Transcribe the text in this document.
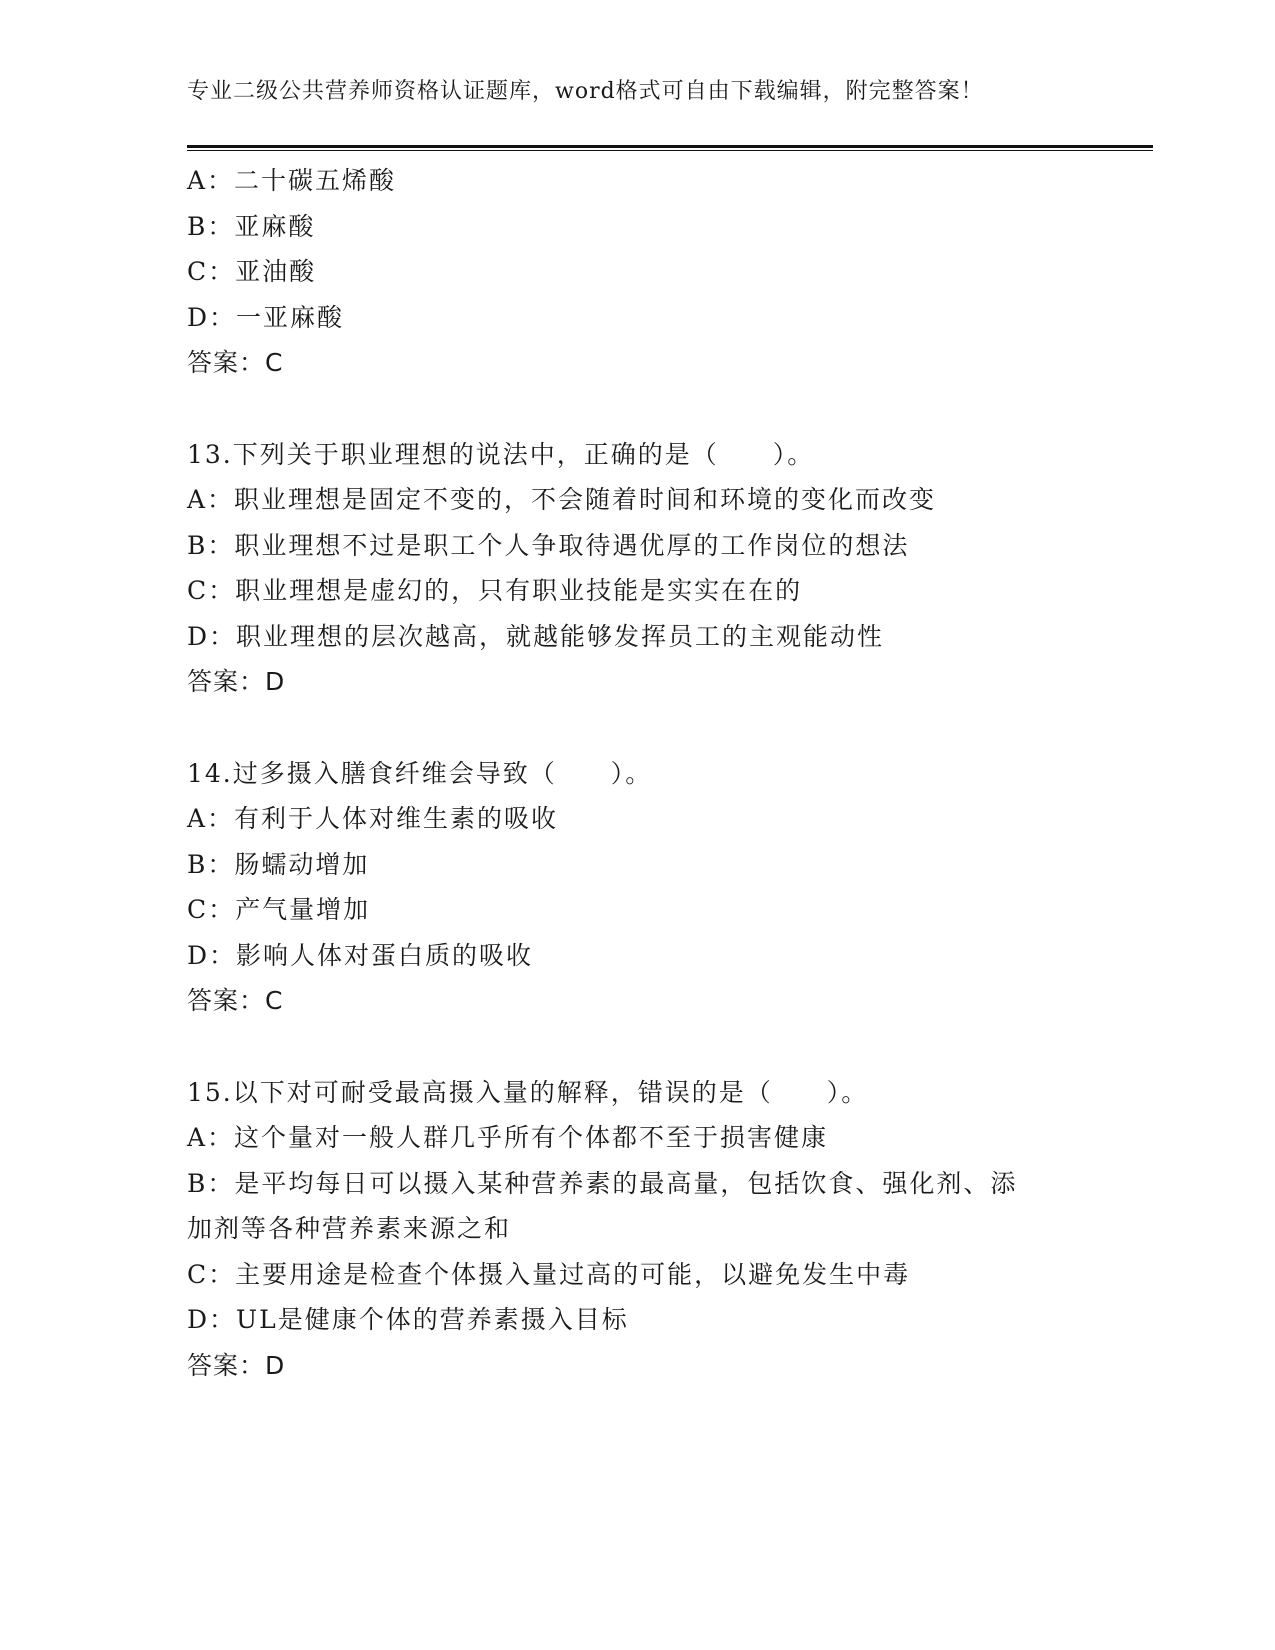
专业二级公共营养师资格认证题库，word格式可自由下载编辑，附完整答案！
A：二十碳五烯酸
B：亚麻酸
C：亚油酸
D：一亚麻酸
答案：C
13.下列关于职业理想的说法中，正确的是（　　）。
A：职业理想是固定不变的，不会随着时间和环境的变化而改变
B：职业理想不过是职工个人争取待遇优厚的工作岗位的想法
C：职业理想是虚幻的，只有职业技能是实实在在的
D：职业理想的层次越高，就越能够发挥员工的主观能动性
答案：D
14.过多摄入膳食纤维会导致（　　）。
A：有利于人体对维生素的吸收
B：肠蠕动增加
C：产气量增加
D：影响人体对蛋白质的吸收
答案：C
15.以下对可耐受最高摄入量的解释，错误的是（　　）。
A：这个量对一般人群几乎所有个体都不至于损害健康
B：是平均每日可以摄入某种营养素的最高量，包括饮食、强化剂、添
加剂等各种营养素来源之和
C：主要用途是检查个体摄入量过高的可能，以避免发生中毒
D：UL是健康个体的营养素摄入目标
答案：D
